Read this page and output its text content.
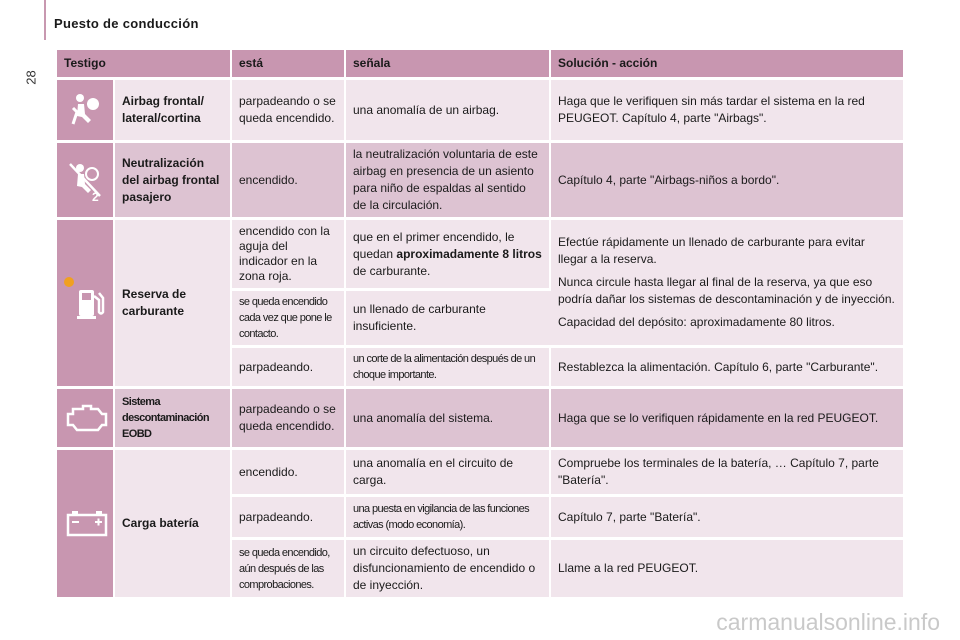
28
Puesto de conducción
Testigo		está	señala	Solución - acción

	Airbag frontal/ lateral/cortina	parpadeando o se queda encendido.	una anomalía de un airbag.	Haga que le verifiquen sin más tardar el sistema en la red PEUGEOT. Capítulo 4, parte "Airbags".

2	Neutralización del airbag frontal pasajero	encendido.	la neutralización voluntaria de este airbag en presencia de un asiento para niño de espaldas al sentido de la circulación.	Capítulo 4, parte "Airbags-niños a bordo".

	Reserva de carburante	encendido con la aguja del indicador en la zona roja.	que en el primer encendido, le quedan aproximadamente 8 litros de carburante.	Efectúe rápidamente un llenado de carburante para evitar llegar a la reserva.

Nunca circule hasta llegar al final de la reserva, ya que eso podría dañar los sistemas de descontaminación y de inyección.

Capacidad del depósito: aproximadamente 80 litros.

		se queda encendido cada vez que pone le contacto.	un llenado de carburante insuficiente.	
		parpadeando.	un corte de la alimentación después de un choque importante.	Restablezca la alimentación. Capítulo 6, parte "Carburante".

	Sistema descontaminación EOBD	parpadeando o se queda encendido.	una anomalía del sistema.	Haga que se lo verifiquen rápidamente en la red PEUGEOT.

	Carga batería	encendido.	una anomalía en el circuito de carga.	Compruebe los terminales de la batería, … Capítulo 7, parte "Batería".
		parpadeando.	una puesta en vigilancia de las funciones activas (modo economía).	Capítulo 7, parte "Batería".
		se queda encendido, aún después de las comprobaciones.	un circuito defectuoso, un disfuncionamiento de encendido o de inyección.	Llame a la red PEUGEOT.
carmanualsonline.info
